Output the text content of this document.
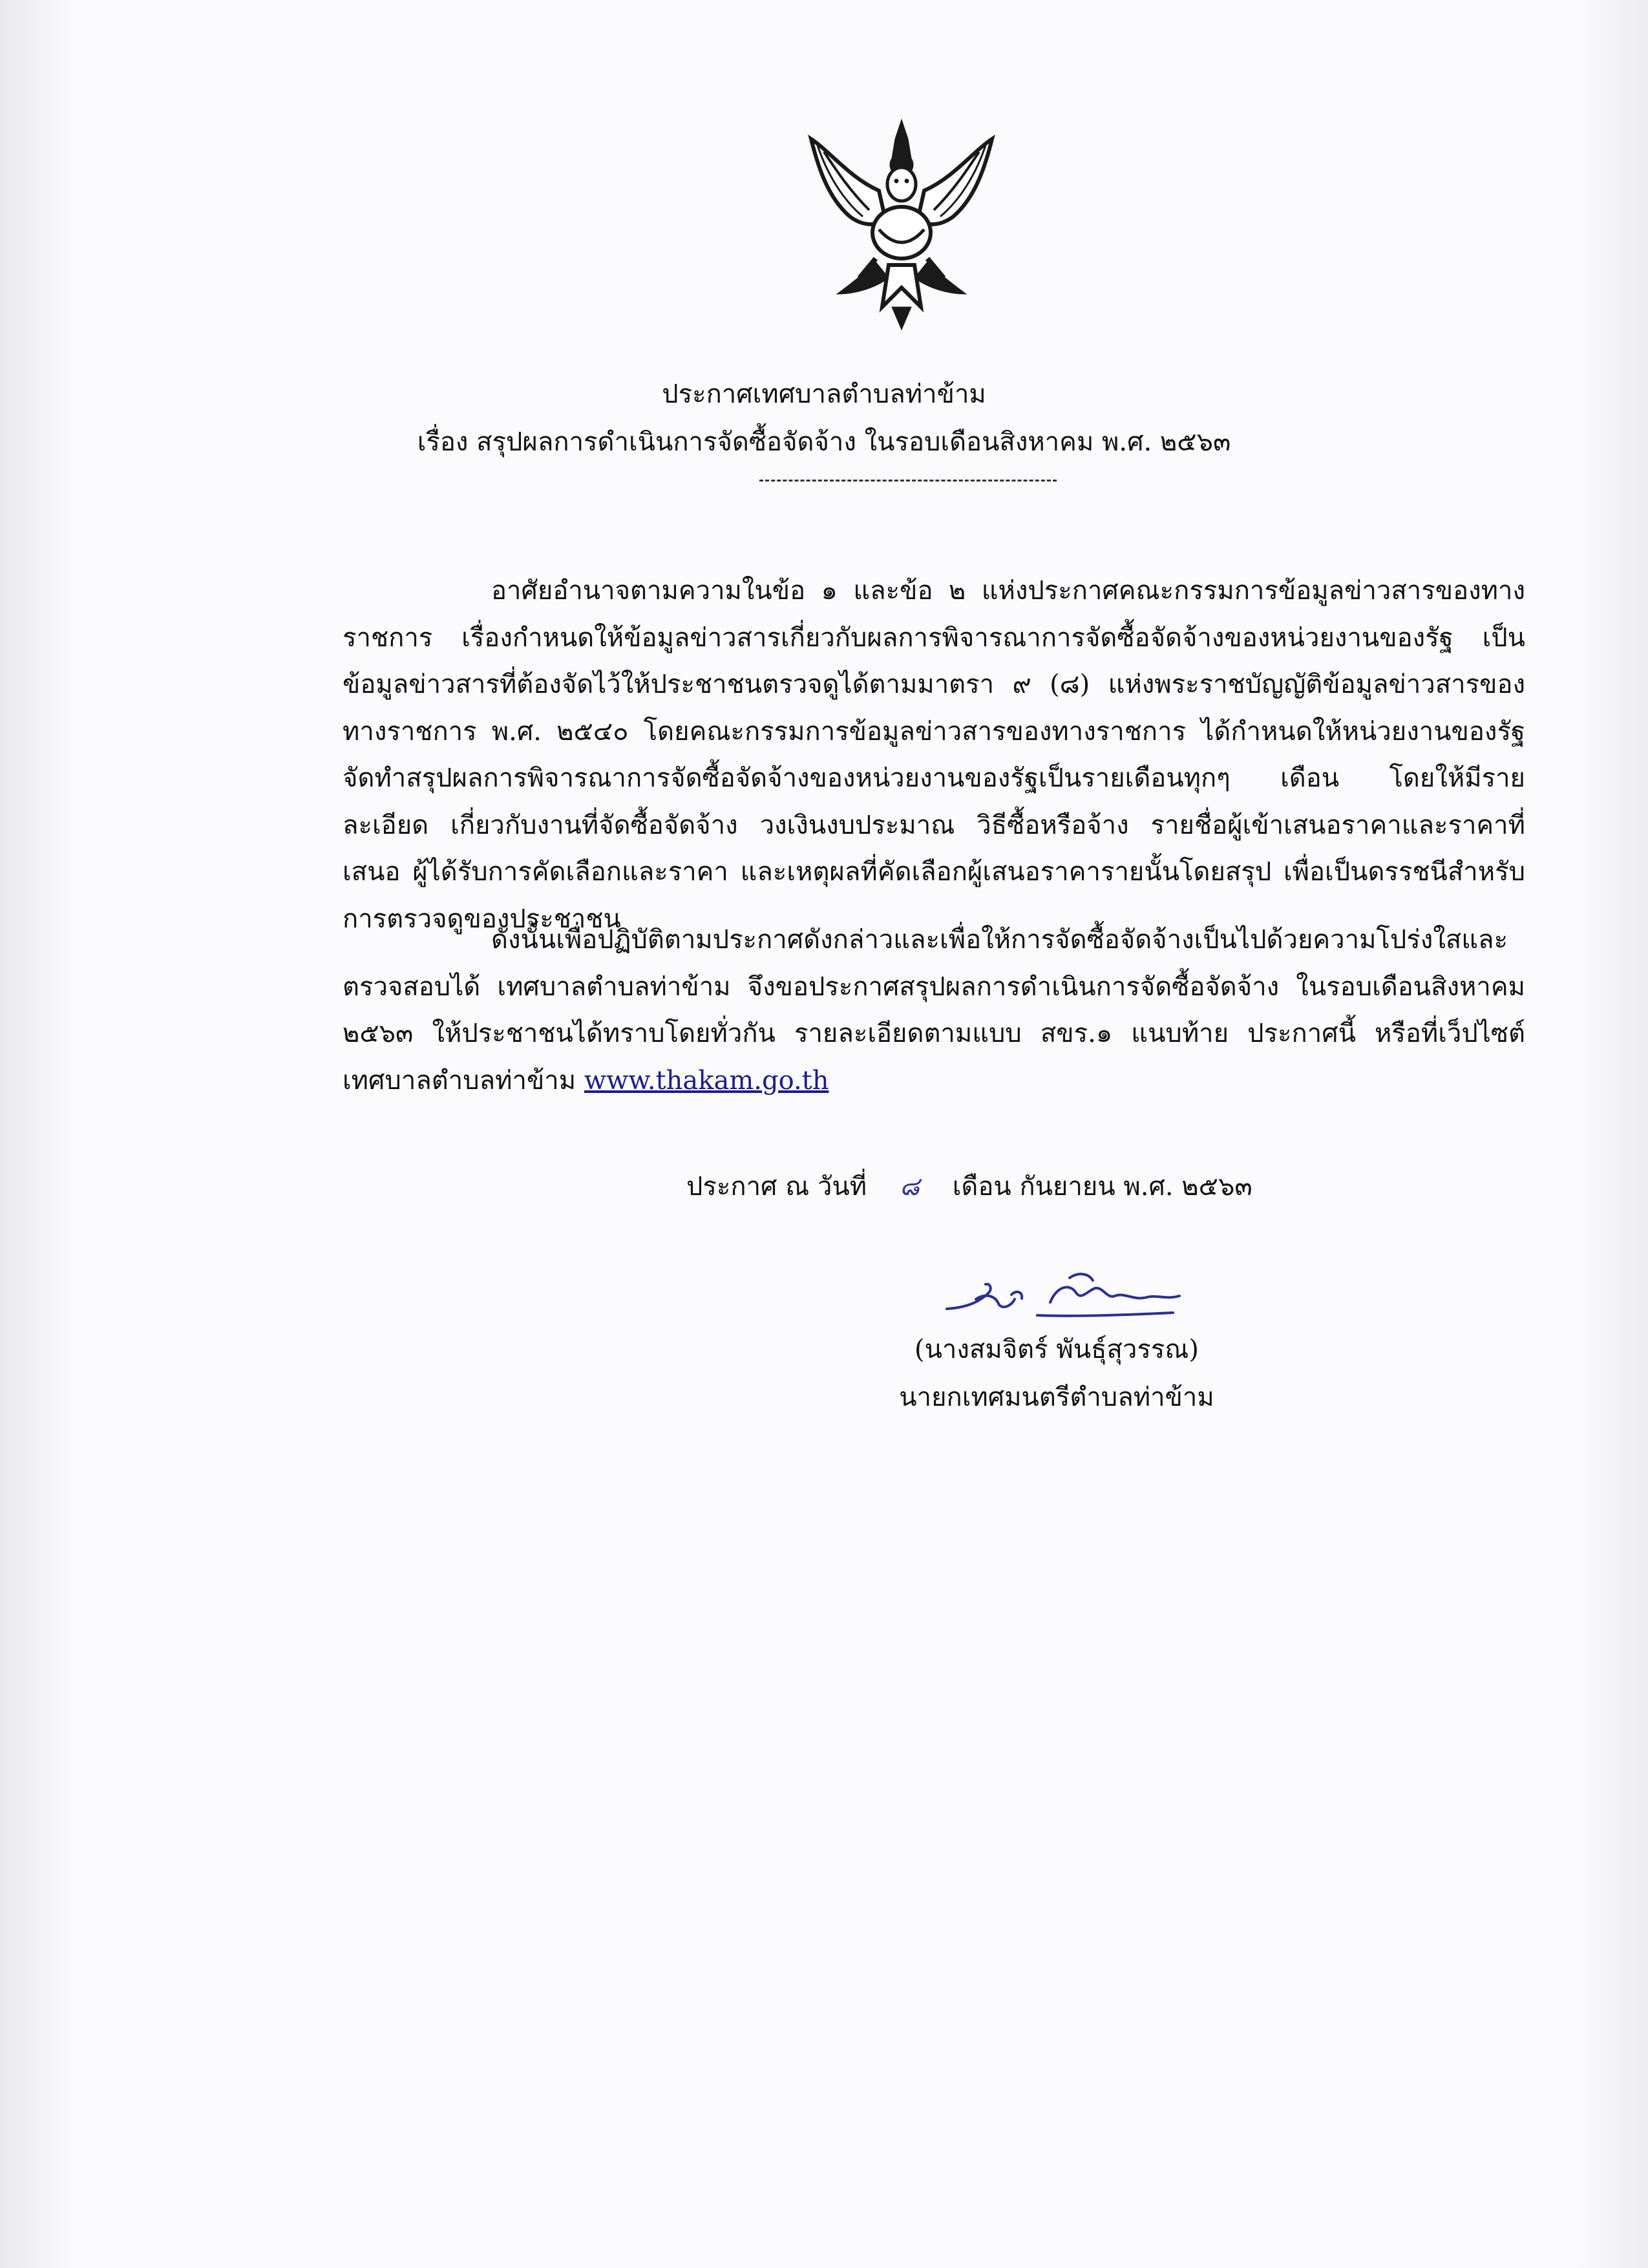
ประกาศเทศบาลตำบลท่าข้าม
เรื่อง สรุปผลการดำเนินการจัดซื้อจัดจ้าง ในรอบเดือนสิงหาคม พ.ศ. ๒๕๖๓

อาศัยอำนาจตามความในข้อ ๑ และข้อ ๒ แห่งประกาศคณะกรรมการข้อมูลข่าวสารของทางราชการ เรื่องกำหนดให้ข้อมูลข่าวสารเกี่ยวกับผลการพิจารณาการจัดซื้อจัดจ้างของหน่วยงานของรัฐ เป็นข้อมูลข่าวสารที่ต้องจัดไว้ให้ประชาชนตรวจดูได้ตามมาตรา ๙ (๘) แห่งพระราชบัญญัติข้อมูลข่าวสารของทางราชการ พ.ศ. ๒๕๔๐ โดยคณะกรรมการข้อมูลข่าวสารของทางราชการ ได้กำหนดให้หน่วยงานของรัฐ จัดทำสรุปผลการพิจารณาการจัดซื้อจัดจ้างของหน่วยงานของรัฐเป็นรายเดือนทุกๆ เดือน โดยให้มีรายละเอียด เกี่ยวกับงานที่จัดซื้อจัดจ้าง วงเงินงบประมาณ วิธีซื้อหรือจ้าง รายชื่อผู้เข้าเสนอราคาและราคาที่เสนอ ผู้ได้รับการคัดเลือกและราคา และเหตุผลที่คัดเลือกผู้เสนอราคารายนั้นโดยสรุป เพื่อเป็นดรรชนีสำหรับการตรวจดูของประชาชน

ดังนั้นเพื่อปฏิบัติตามประกาศดังกล่าวและเพื่อให้การจัดซื้อจัดจ้างเป็นไปด้วยความโปร่งใสและตรวจสอบได้ เทศบาลตำบลท่าข้าม จึงขอประกาศสรุปผลการดำเนินการจัดซื้อจัดจ้าง ในรอบเดือนสิงหาคม ๒๕๖๓ ให้ประชาชนได้ทราบโดยทั่วกัน รายละเอียดตามแบบ สขร.๑ แนบท้าย ประกาศนี้ หรือที่เว็ปไซต์เทศบาลตำบลท่าข้าม www.thakam.go.th

ประกาศ ณ วันที่ ๘ เดือน กันยายน พ.ศ. ๒๕๖๓
(นางสมจิตร์ พันธุ์สุวรรณ)
นายกเทศมนตรีตำบลท่าข้าม
